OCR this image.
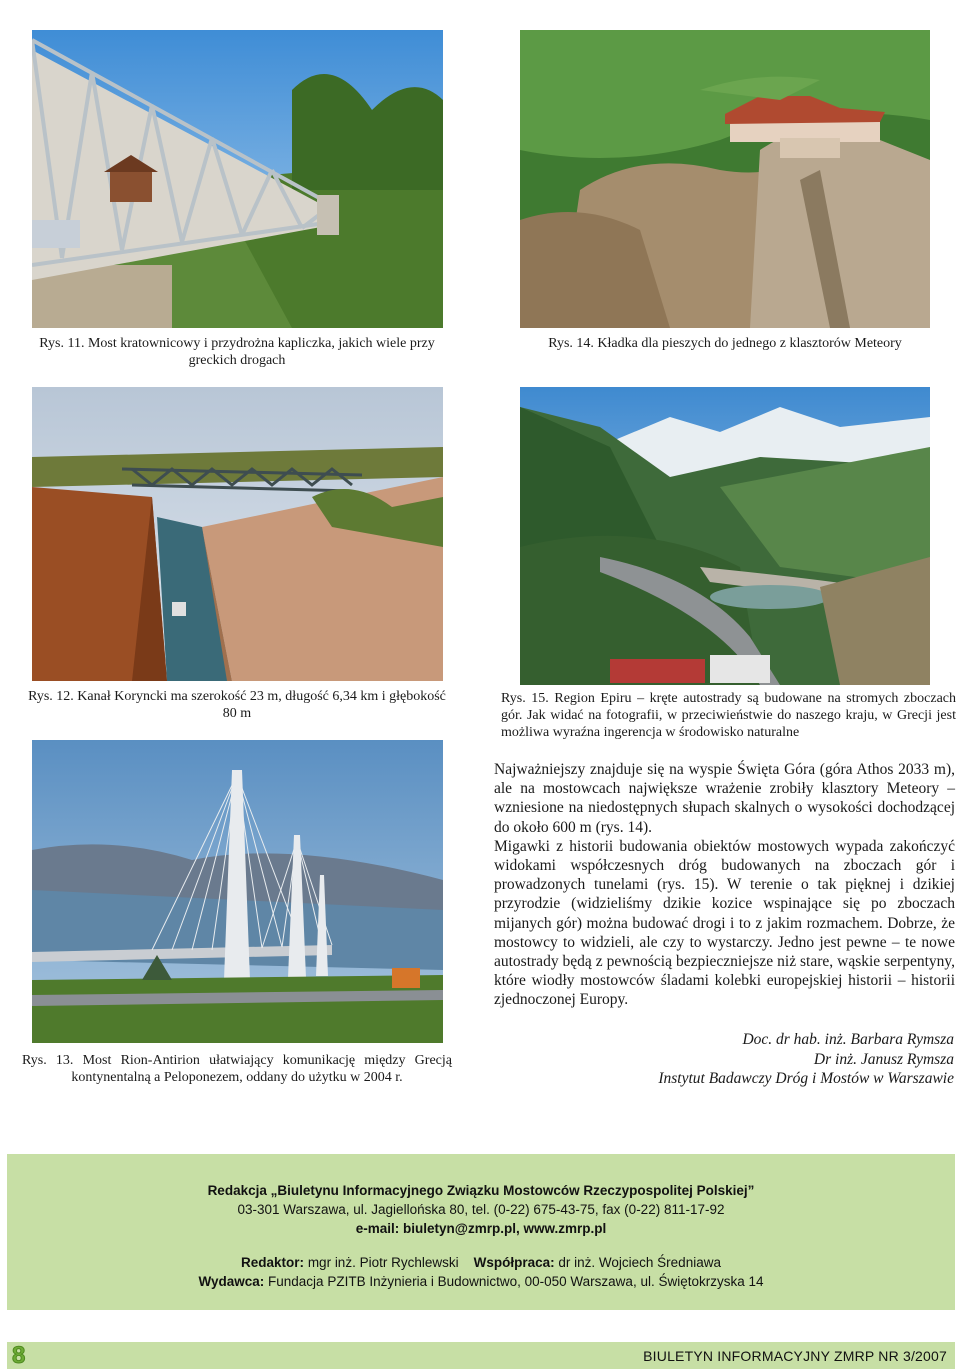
Rys. 11. Most kratownicowy i przydrożna kapliczka, jakich wiele przy greckich drogach
Rys. 14. Kładka dla pieszych do jednego z klasztorów Meteory
Rys. 12. Kanał Koryncki ma szerokość 23 m, długość 6,34 km i głębokość 80 m
Rys. 15. Region Epiru – kręte autostrady są budowane na stromych zboczach gór. Jak widać na fotografii, w przeciwieństwie do naszego kraju, w Grecji jest możliwa wyraźna ingerencja w środowisko naturalne
Rys. 13. Most Rion-Antirion ułatwiający komunikację między Grecją kontynentalną a Peloponezem, oddany do użytku w 2004 r.

Najważniejszy znajduje się na wyspie Święta Góra (góra Athos 2033 m), ale na mostowcach największe wrażenie zrobiły klasztory Meteory – wzniesione na niedostępnych słupach skalnych o wysokości dochodzącej do około 600 m (rys. 14).

Migawki z historii budowania obiektów mostowych wypada zakończyć widokami współczesnych dróg budowanych na zboczach gór i prowadzonych tunelami (rys. 15). W terenie o tak pięknej i dzikiej przyrodzie (widzieliśmy dzikie kozice wspinające się po zboczach mijanych gór) można budować drogi i to z jakim rozmachem. Dobrze, że mostowcy to widzieli, ale czy to wystarczy. Jedno jest pewne – te nowe autostrady będą z pewnością bezpieczniejsze niż stare, wąskie serpentyny, które wiodły mostowców śladami kolebki europejskiej historii – historii zjednoczonej Europy.

Doc. dr hab. inż. Barbara Rymsza
Dr inż. Janusz Rymsza
Instytut Badawczy Dróg i Mostów w Warszawie
Redakcja „Biuletynu Informacyjnego Związku Mostowców Rzeczypospolitej Polskiej”
03-301 Warszawa, ul. Jagiellońska 80, tel. (0-22) 675-43-75, fax (0-22) 811-17-92
e-mail: biuletyn@zmrp.pl, www.zmrp.pl
Redaktor: mgr inż. Piotr Rychlewski Współpraca: dr inż. Wojciech Średniawa
Wydawca: Fundacja PZITB Inżynieria i Budownictwo, 00-050 Warszawa, ul. Świętokrzyska 14
8	BIULETYN INFORMACYJNY ZMRP NR 3/2007
